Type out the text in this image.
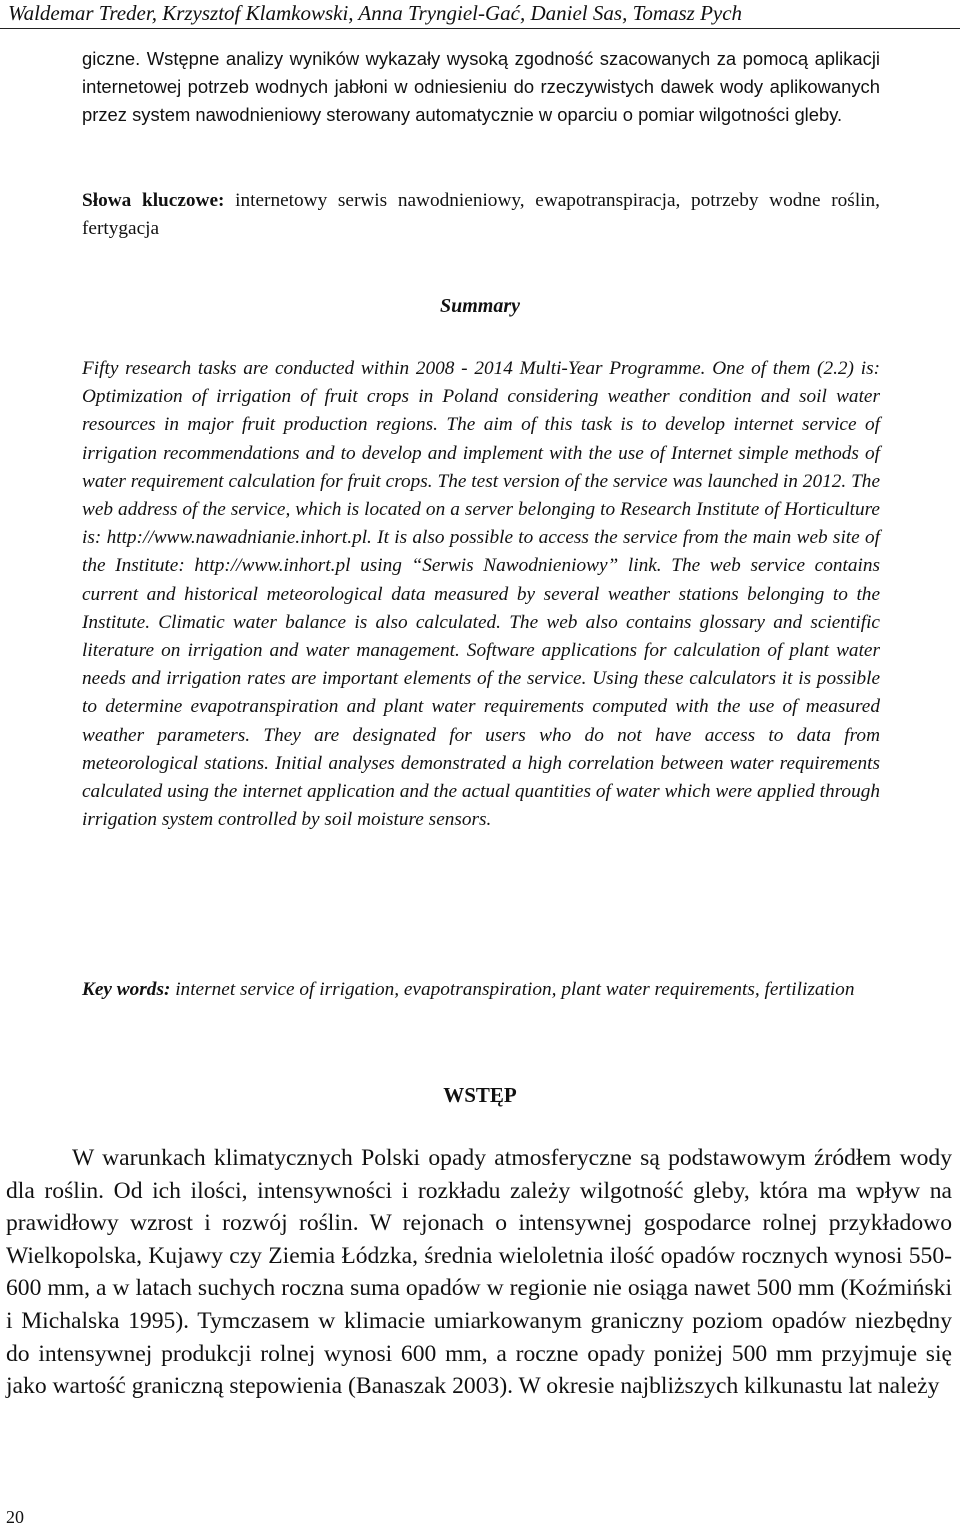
Waldemar Treder, Krzysztof Klamkowski, Anna Tryngiel-Gać, Daniel Sas, Tomasz Pych

giczne. Wstępne analizy wyników wykazały wysoką zgodność szacowanych za pomocą aplikacji internetowej potrzeb wodnych jabłoni w odniesieniu do rzeczywistych dawek wody aplikowanych przez system nawodnieniowy sterowany automatycznie w oparciu o pomiar wilgotności gleby.

Słowa kluczowe: internetowy serwis nawodnieniowy, ewapotranspiracja, potrzeby wodne roślin, fertygacja

Summary

Fifty research tasks are conducted within 2008 - 2014 Multi-Year Programme. One of them (2.2) is: Optimization of irrigation of fruit crops in Poland considering weather condition and soil water resources in major fruit production regions. The aim of this task is to develop internet service of irrigation recommendations and to develop and implement with the use of Internet simple methods of water requirement calculation for fruit crops. The test version of the service was launched in 2012. The web address of the service, which is located on a server belonging to Research Institute of Horticulture is: http://www.nawadnianie.inhort.pl. It is also possible to access the service from the main web site of the Institute: http://www.inhort.pl using “Serwis Nawodnieniowy” link. The web service contains current and historical meteorological data measured by several weather stations belonging to the Institute. Climatic water balance is also calculated. The web also contains glossary and scientific literature on irrigation and water management. Software applications for calculation of plant water needs and irrigation rates are important elements of the service. Using these calculators it is possible to determine evapotranspiration and plant water requirements computed with the use of measured weather parameters. They are designated for users who do not have access to data from meteorological stations. Initial analyses demonstrated a high correlation between water requirements calculated using the internet application and the actual quantities of water which were applied through irrigation system controlled by soil moisture sensors.

Key words: internet service of irrigation, evapotranspiration, plant water requirements, fertilization

WSTĘP

W warunkach klimatycznych Polski opady atmosferyczne są podstawowym źródłem wody dla roślin. Od ich ilości, intensywności i rozkładu zależy wilgotność gleby, która ma wpływ na prawidłowy wzrost i rozwój roślin. W rejonach o intensywnej gospodarce rolnej przykładowo Wielkopolska, Kujawy czy Ziemia Łódzka, średnia wieloletnia ilość opadów rocznych wynosi 550-600 mm, a w latach suchych roczna suma opadów w regionie nie osiąga nawet 500 mm (Koźmiński i Michalska 1995). Tymczasem w klimacie umiarkowanym graniczny poziom opadów niezbędny do intensywnej produkcji rolnej wynosi 600 mm, a roczne opady poniżej 500 mm przyjmuje się jako wartość graniczną stepowienia (Banaszak 2003). W okresie najbliższych kilkunastu lat należy

20
